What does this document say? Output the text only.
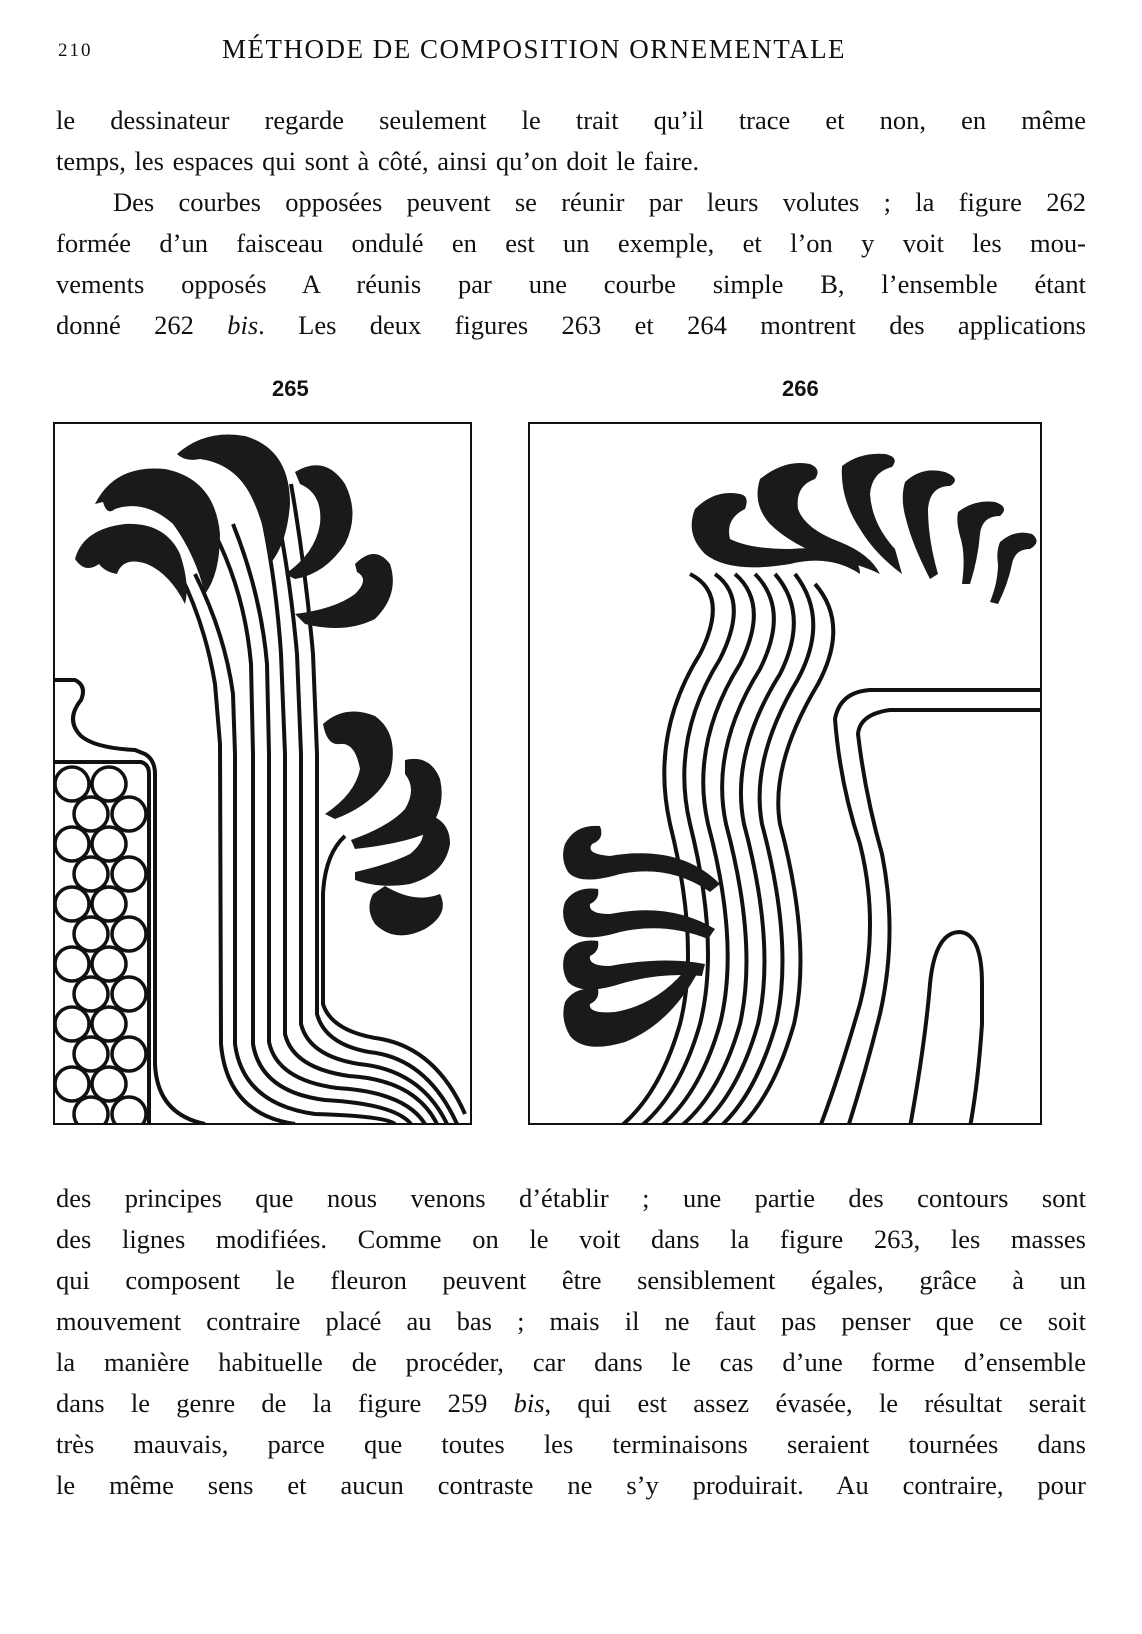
210	MÉTHODE DE COMPOSITION ORNEMENTALE
le dessinateur regarde seulement le trait qu’il trace et non, en même
temps, les espaces qui sont à côté, ainsi qu’on doit le faire.
Des courbes opposées peuvent se réunir par leurs volutes ; la figure 262
formée d’un faisceau ondulé en est un exemple, et l’on y voit les mou-
vements opposés A réunis par une courbe simple B, l’ensemble étant
donné 262 bis. Les deux figures 263 et 264 montrent des applications
265	266
des principes que nous venons d’établir ; une partie des contours sont
des lignes modifiées. Comme on le voit dans la figure 263, les masses
qui composent le fleuron peuvent être sensiblement égales, grâce à un
mouvement contraire placé au bas ; mais il ne faut pas penser que ce soit
la manière habituelle de procéder, car dans le cas d’une forme d’ensemble
dans le genre de la figure 259 bis, qui est assez évasée, le résultat serait
très mauvais, parce que toutes les terminaisons seraient tournées dans
le même sens et aucun contraste ne s’y produirait. Au contraire, pour
